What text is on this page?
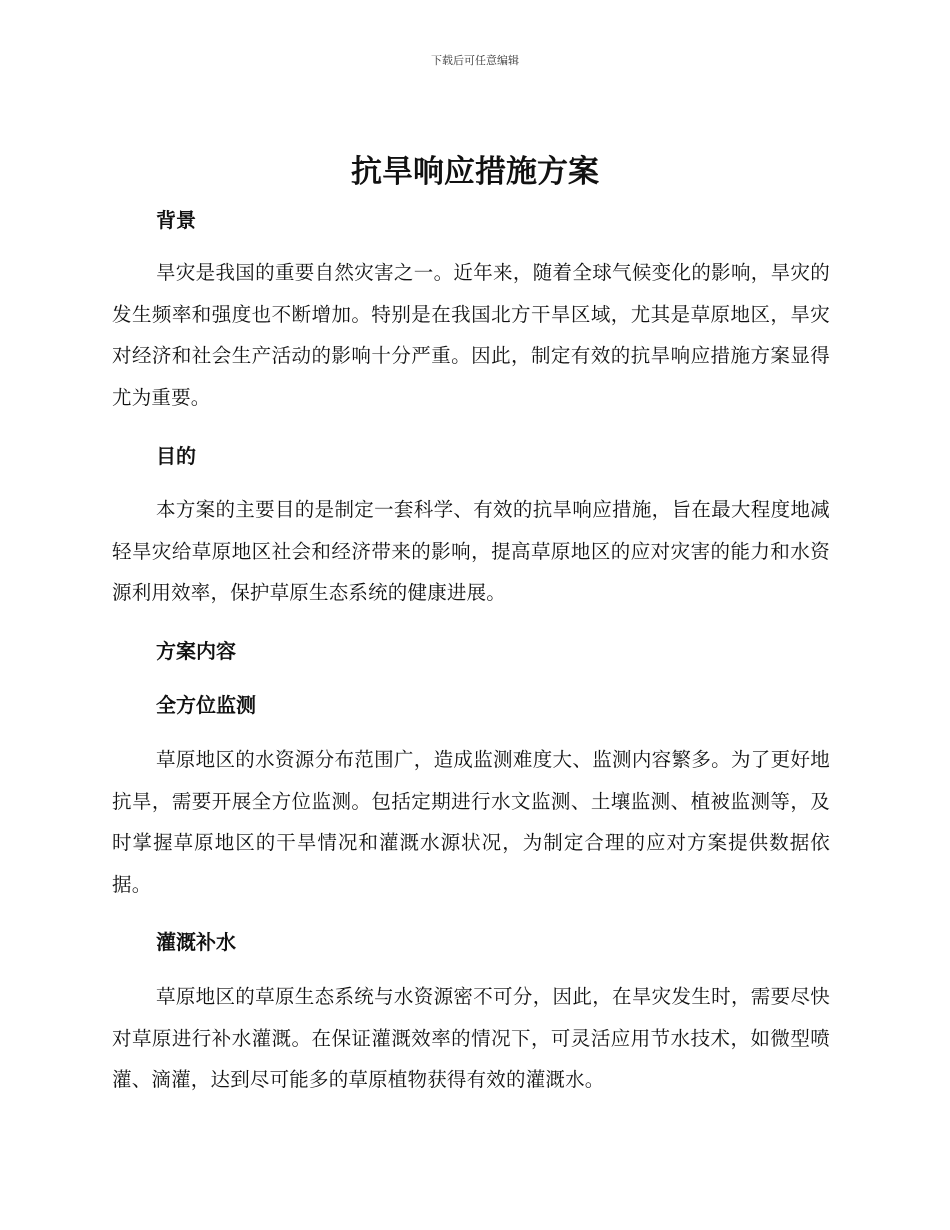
下载后可任意编辑
抗旱响应措施方案
背景

旱灾是我国的重要自然灾害之一。近年来，随着全球气候变化的影响，旱灾的发生频率和强度也不断增加。特别是在我国北方干旱区域，尤其是草原地区，旱灾对经济和社会生产活动的影响十分严重。因此，制定有效的抗旱响应措施方案显得尤为重要。

目的

本方案的主要目的是制定一套科学、有效的抗旱响应措施，旨在最大程度地减轻旱灾给草原地区社会和经济带来的影响，提高草原地区的应对灾害的能力和水资源利用效率，保护草原生态系统的健康进展。

方案内容
全方位监测

草原地区的水资源分布范围广，造成监测难度大、监测内容繁多。为了更好地抗旱，需要开展全方位监测。包括定期进行水文监测、土壤监测、植被监测等，及时掌握草原地区的干旱情况和灌溉水源状况，为制定合理的应对方案提供数据依据。

灌溉补水

草原地区的草原生态系统与水资源密不可分，因此，在旱灾发生时，需要尽快对草原进行补水灌溉。在保证灌溉效率的情况下，可灵活应用节水技术，如微型喷灌、滴灌，达到尽可能多的草原植物获得有效的灌溉水。
